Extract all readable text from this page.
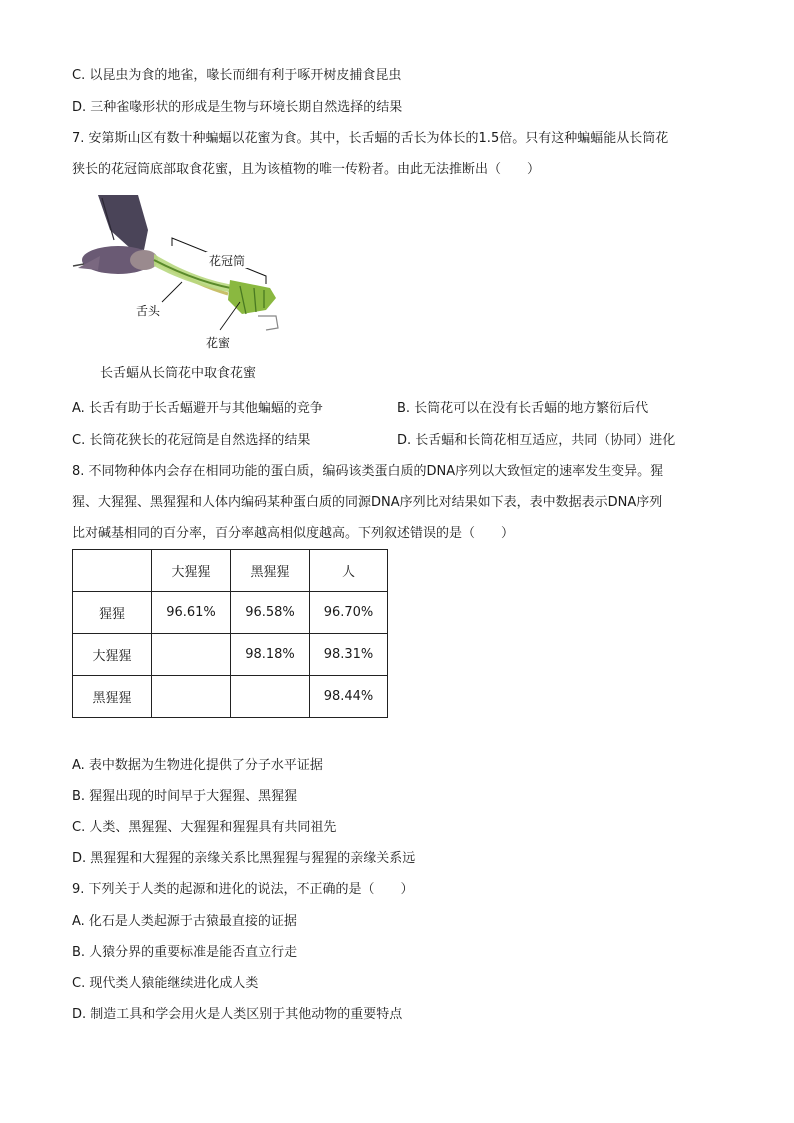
C. 以昆虫为食的地雀，喙长而细有利于啄开树皮捕食昆虫
D. 三种雀喙形状的形成是生物与环境长期自然选择的结果
7. 安第斯山区有数十种蝙蝠以花蜜为食。其中，长舌蝠的舌长为体长的1.5倍。只有这种蝙蝠能从长筒花
狭长的花冠筒底部取食花蜜，且为该植物的唯一传粉者。由此无法推断出（　　）
花冠筒
舌头
花蜜
长舌蝠从长筒花中取食花蜜
A. 长舌有助于长舌蝠避开与其他蝙蝠的竞争	B. 长筒花可以在没有长舌蝠的地方繁衍后代
C. 长筒花狭长的花冠筒是自然选择的结果	D. 长舌蝠和长筒花相互适应，共同（协同）进化
8. 不同物种体内会存在相同功能的蛋白质，编码该类蛋白质的DNA序列以大致恒定的速率发生变异。猩
猩、大猩猩、黑猩猩和人体内编码某种蛋白质的同源DNA序列比对结果如下表，表中数据表示DNA序列
比对碱基相同的百分率，百分率越高相似度越高。下列叙述错误的是（　　）
	大猩猩	黑猩猩	人
猩猩	96.61%	96.58%	96.70%
大猩猩		98.18%	98.31%
黑猩猩			98.44%
A. 表中数据为生物进化提供了分子水平证据
B. 猩猩出现的时间早于大猩猩、黑猩猩
C. 人类、黑猩猩、大猩猩和猩猩具有共同祖先
D. 黑猩猩和大猩猩的亲缘关系比黑猩猩与猩猩的亲缘关系远
9. 下列关于人类的起源和进化的说法，不正确的是（　　）
A. 化石是人类起源于古猿最直接的证据
B. 人猿分界的重要标准是能否直立行走
C. 现代类人猿能继续进化成人类
D. 制造工具和学会用火是人类区别于其他动物的重要特点
